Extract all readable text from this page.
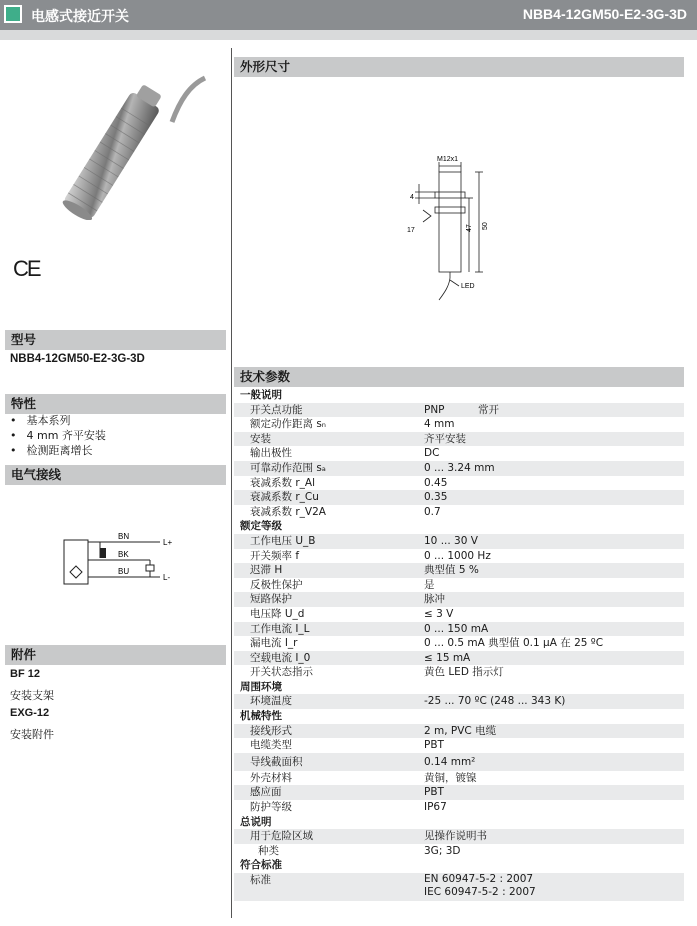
电感式接近开关	NBB4-12GM50-E2-3G-3D
CE
型号
NBB4-12GM50-E2-3G-3D
特性
• 基本系列
• 4 mm 齐平安装
• 检测距离增长
电气接线
BN
BK
BU
L+
L-
附件
BF 12
安装支架
EXG-12
安装附件
外形尺寸
M12x1
4
17	47 50
LED
技术参数
一般说明
开关点功能	PNP	常开
额定动作距离 sₙ	4 mm
安装	齐平安装
输出极性	DC
可靠动作范围 sₐ	0 ... 3.24 mm
衰减系数 r_Al	0.45
衰减系数 r_Cu	0.35
衰减系数 r_V2A	0.7
额定等级
工作电压 U_B	10 ... 30 V
开关频率 f	0 ... 1000 Hz
迟滞 H	典型值 5 %
反极性保护	是
短路保护	脉冲
电压降 U_d	≤ 3 V
工作电流 I_L	0 ... 150 mA
漏电流 I_r	0 ... 0.5 mA 典型值 0.1 µA 在 25 ºC
空载电流 I_0	≤ 15 mA
开关状态指示	黄色 LED 指示灯
周围环境
环境温度	-25 ... 70 ºC (248 ... 343 K)
机械特性
接线形式	2 m, PVC 电缆
电缆类型	PBT
导线截面积	0.14 mm²
外壳材料	黄铜，镀镍
感应面	PBT
防护等级	IP67
总说明
用于危险区域	见操作说明书
种类	3G; 3D
符合标准
标准	EN 60947-5-2 : 2007
IEC 60947-5-2 : 2007
